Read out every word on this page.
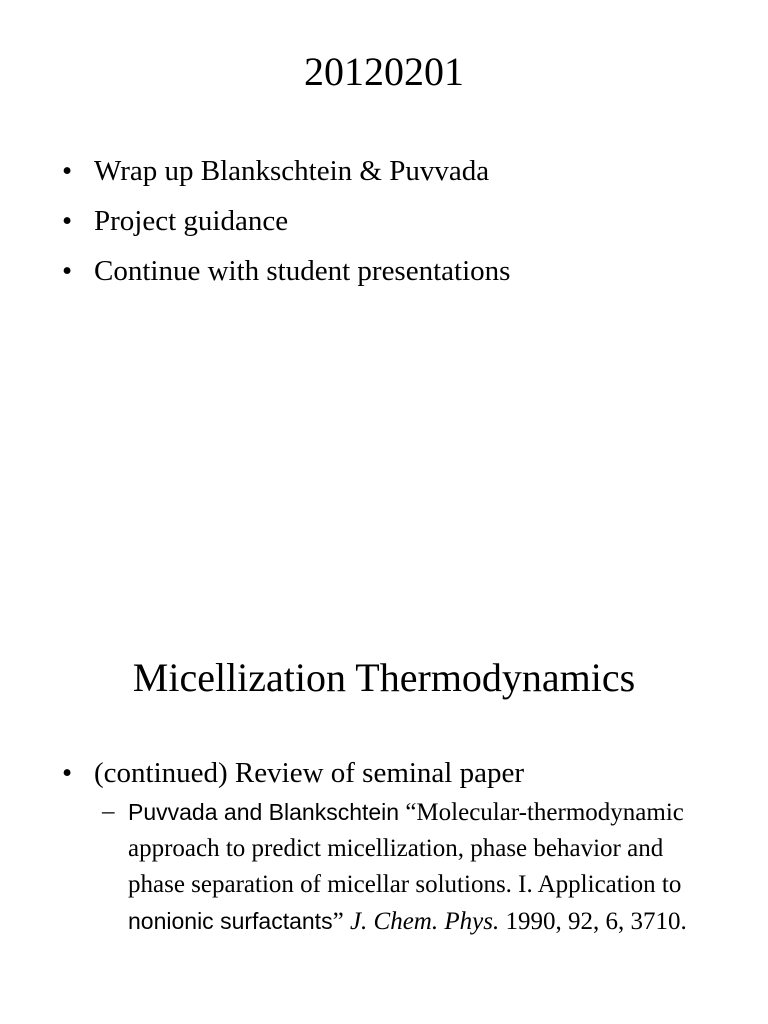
20120201
• Wrap up Blankschtein & Puvvada
• Project guidance
• Continue with student presentations
Micellization Thermodynamics
• (continued) Review of seminal paper
– Puvvada and Blankschtein “Molecular-thermodynamic approach to predict micellization, phase behavior and phase separation of micellar solutions. I. Application to nonionic surfactants” J. Chem. Phys. 1990, 92, 6, 3710.
